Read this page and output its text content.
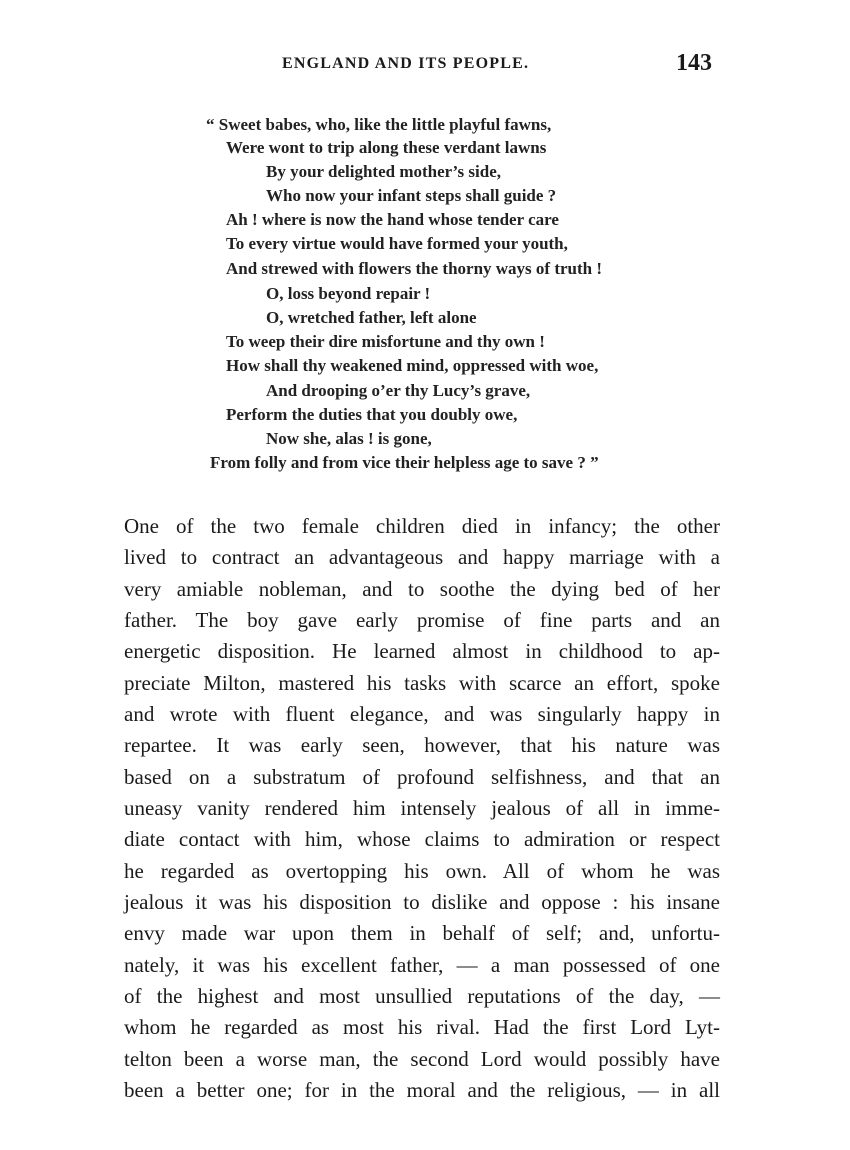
ENGLAND AND ITS PEOPLE.	143
“ Sweet babes, who, like the little playful fawns,
Were wont to trip along these verdant lawns
By your delighted mother’s side,
Who now your infant steps shall guide ?
Ah ! where is now the hand whose tender care
To every virtue would have formed your youth,
And strewed with flowers the thorny ways of truth !
O, loss beyond repair !
O, wretched father, left alone
To weep their dire misfortune and thy own !
How shall thy weakened mind, oppressed with woe,
And drooping o’er thy Lucy’s grave,
Perform the duties that you doubly owe,
Now she, alas ! is gone,
From folly and from vice their helpless age to save ? ”
One of the two female children died in infancy; the other
lived to contract an advantageous and happy marriage with a
very amiable nobleman, and to soothe the dying bed of her
father. The boy gave early promise of fine parts and an
energetic disposition. He learned almost in childhood to ap-
preciate Milton, mastered his tasks with scarce an effort, spoke
and wrote with fluent elegance, and was singularly happy in
repartee. It was early seen, however, that his nature was
based on a substratum of profound selfishness, and that an
uneasy vanity rendered him intensely jealous of all in imme-
diate contact with him, whose claims to admiration or respect
he regarded as overtopping his own. All of whom he was
jealous it was his disposition to dislike and oppose : his insane
envy made war upon them in behalf of self; and, unfortu-
nately, it was his excellent father, — a man possessed of one
of the highest and most unsullied reputations of the day, —
whom he regarded as most his rival. Had the first Lord Lyt-
telton been a worse man, the second Lord would possibly have
been a better one; for in the moral and the religious, — in all
